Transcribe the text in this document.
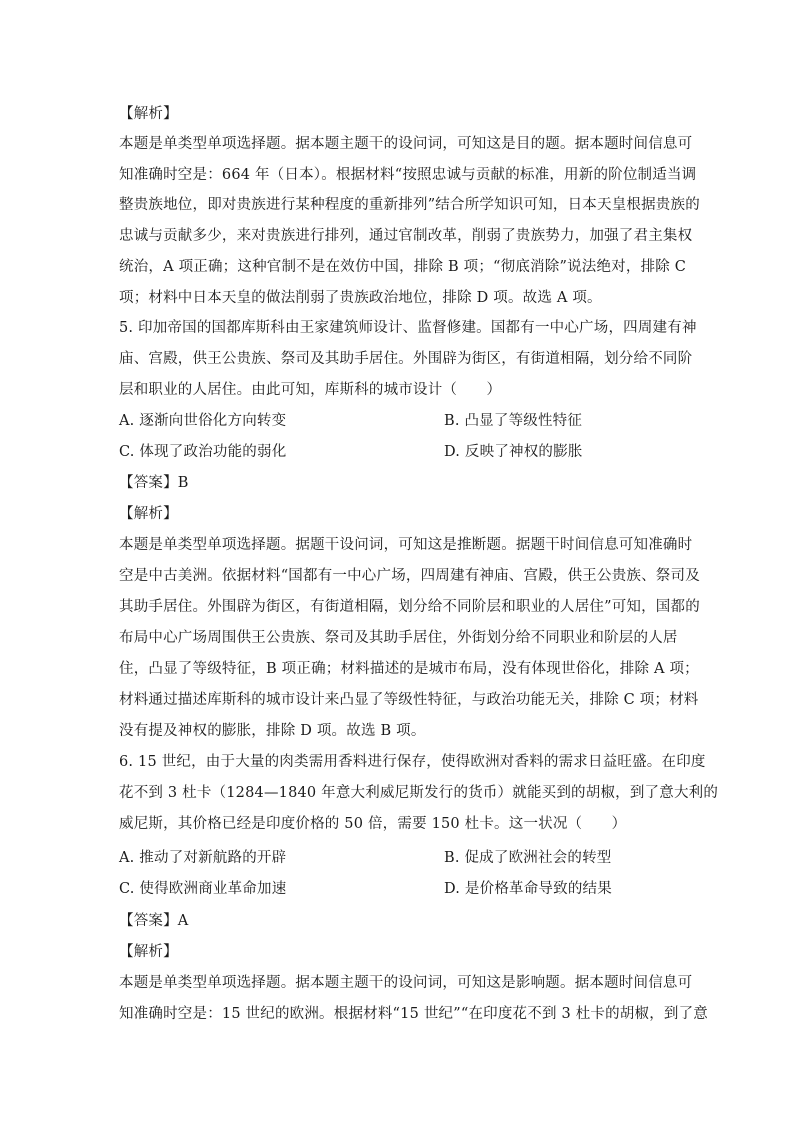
【解析】
本题是单类型单项选择题。据本题主题干的设问词，可知这是目的题。据本题时间信息可
知准确时空是：664 年（日本）。根据材料“按照忠诚与贡献的标准，用新的阶位制适当调
整贵族地位，即对贵族进行某种程度的重新排列”结合所学知识可知，日本天皇根据贵族的
忠诚与贡献多少，来对贵族进行排列，通过官制改革，削弱了贵族势力，加强了君主集权
统治，A 项正确；这种官制不是在效仿中国，排除 B 项；“彻底消除”说法绝对，排除 C
项；材料中日本天皇的做法削弱了贵族政治地位，排除 D 项。故选 A 项。
5. 印加帝国的国都库斯科由王家建筑师设计、监督修建。国都有一中心广场，四周建有神
庙、宫殿，供王公贵族、祭司及其助手居住。外围辟为街区，有街道相隔，划分给不同阶
层和职业的人居住。由此可知，库斯科的城市设计（　　）
A. 逐渐向世俗化方向转变	B. 凸显了等级性特征
C. 体现了政治功能的弱化	D. 反映了神权的膨胀
【答案】B
【解析】
本题是单类型单项选择题。据题干设问词，可知这是推断题。据题干时间信息可知准确时
空是中古美洲。依据材料“国都有一中心广场，四周建有神庙、宫殿，供王公贵族、祭司及
其助手居住。外围辟为街区，有街道相隔，划分给不同阶层和职业的人居住”可知，国都的
布局中心广场周围供王公贵族、祭司及其助手居住，外街划分给不同职业和阶层的人居
住，凸显了等级特征，B 项正确；材料描述的是城市布局，没有体现世俗化，排除 A 项；
材料通过描述库斯科的城市设计来凸显了等级性特征，与政治功能无关，排除 C 项；材料
没有提及神权的膨胀，排除 D 项。故选 B 项。
6. 15 世纪，由于大量的肉类需用香料进行保存，使得欧洲对香料的需求日益旺盛。在印度
花不到 3 杜卡（1284—1840 年意大利威尼斯发行的货币）就能买到的胡椒，到了意大利的
威尼斯，其价格已经是印度价格的 50 倍，需要 150 杜卡。这一状况（　　）
A. 推动了对新航路的开辟	B. 促成了欧洲社会的转型
C. 使得欧洲商业革命加速	D. 是价格革命导致的结果
【答案】A
【解析】
本题是单类型单项选择题。据本题主题干的设问词，可知这是影响题。据本题时间信息可
知准确时空是：15 世纪的欧洲。根据材料“15 世纪”“在印度花不到 3 杜卡的胡椒，到了意
